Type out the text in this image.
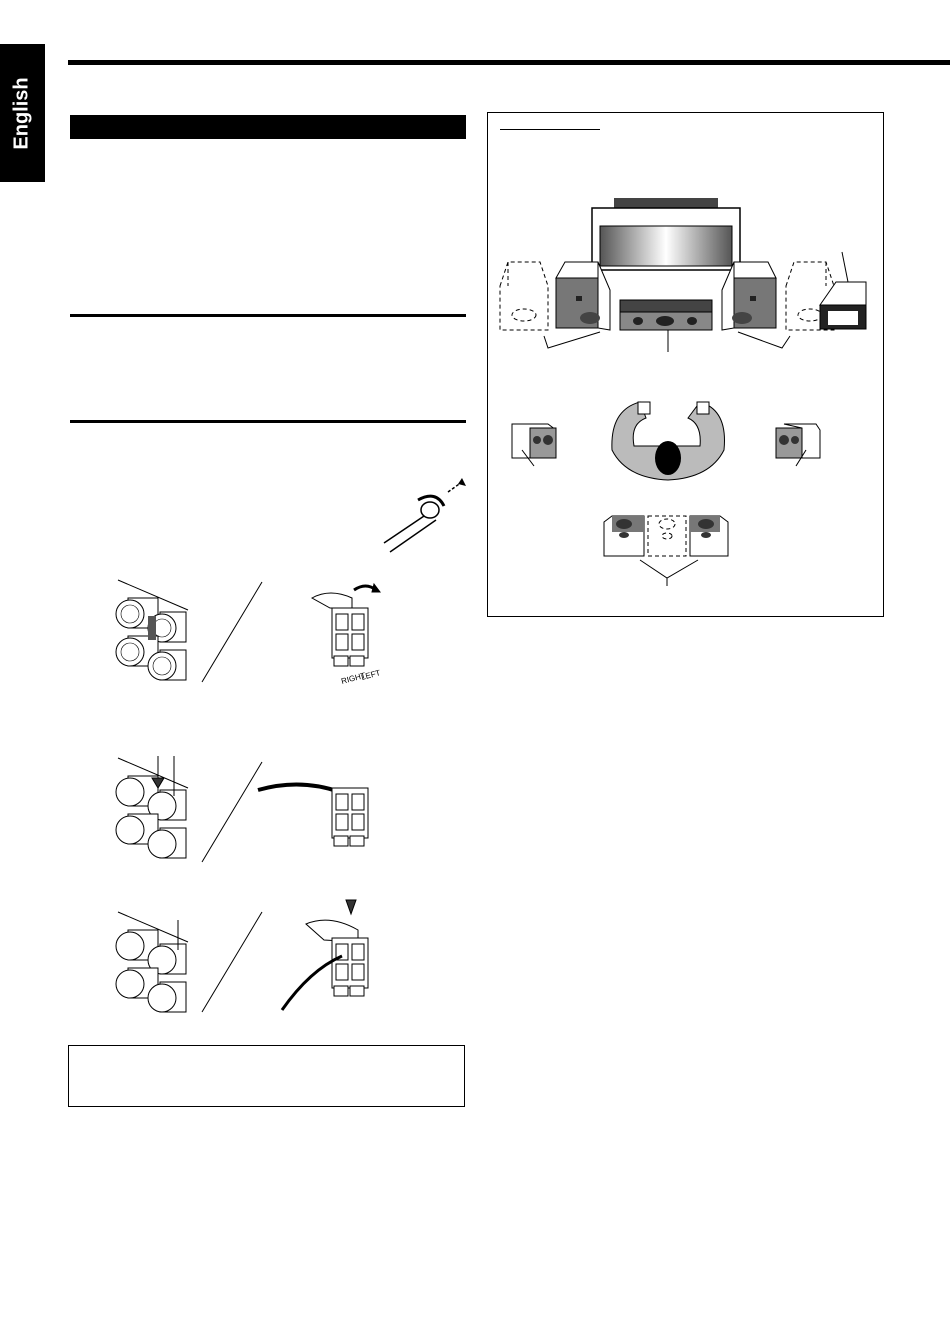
English
RIGHT
LEFT
